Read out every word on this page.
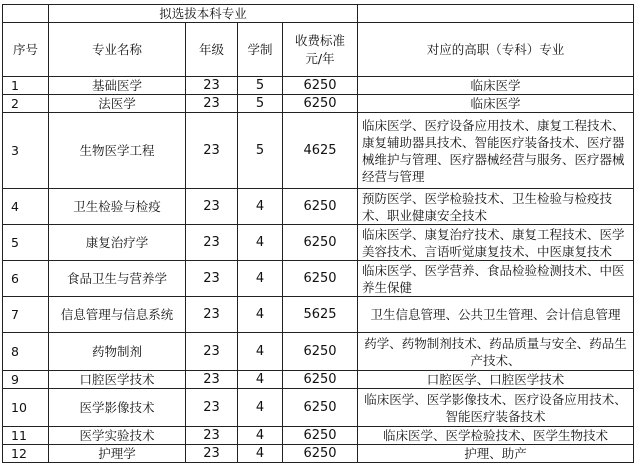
	拟选拔本科专业				
序号	专业名称	年级	学制	收费标准元/年	对应的高职（专科）专业
1	基础医学	23	5	6250	临床医学
2	法医学	23	5	6250	临床医学
3	生物医学工程	23	5	4625	临床医学、医疗设备应用技术、康复工程技术、康复辅助器具技术、智能医疗装备技术、医疗器械维护与管理、医疗器械经营与服务、医疗器械经营与管理
4	卫生检验与检疫	23	4	6250	预防医学、医学检验技术、卫生检验与检疫技术、职业健康安全技术
5	康复治疗学	23	4	6250	临床医学、康复治疗技术、康复工程技术、医学美容技术、言语听觉康复技术、中医康复技术
6	食品卫生与营养学	23	4	6250	临床医学、医学营养、食品检验检测技术、中医养生保健
7	信息管理与信息系统	23	4	5625	卫生信息管理、公共卫生管理、会计信息管理
8	药物制剂	23	4	6250	药学、药物制剂技术、药品质量与安全、药品生产技术、
9	口腔医学技术	23	4	6250	口腔医学、口腔医学技术
10	医学影像技术	23	4	6250	临床医学、医学影像技术、医疗设备应用技术、智能医疗装备技术
11	医学实验技术	23	4	6250	临床医学、医学检验技术、医学生物技术
12	护理学	23	4	6250	护理、助产
